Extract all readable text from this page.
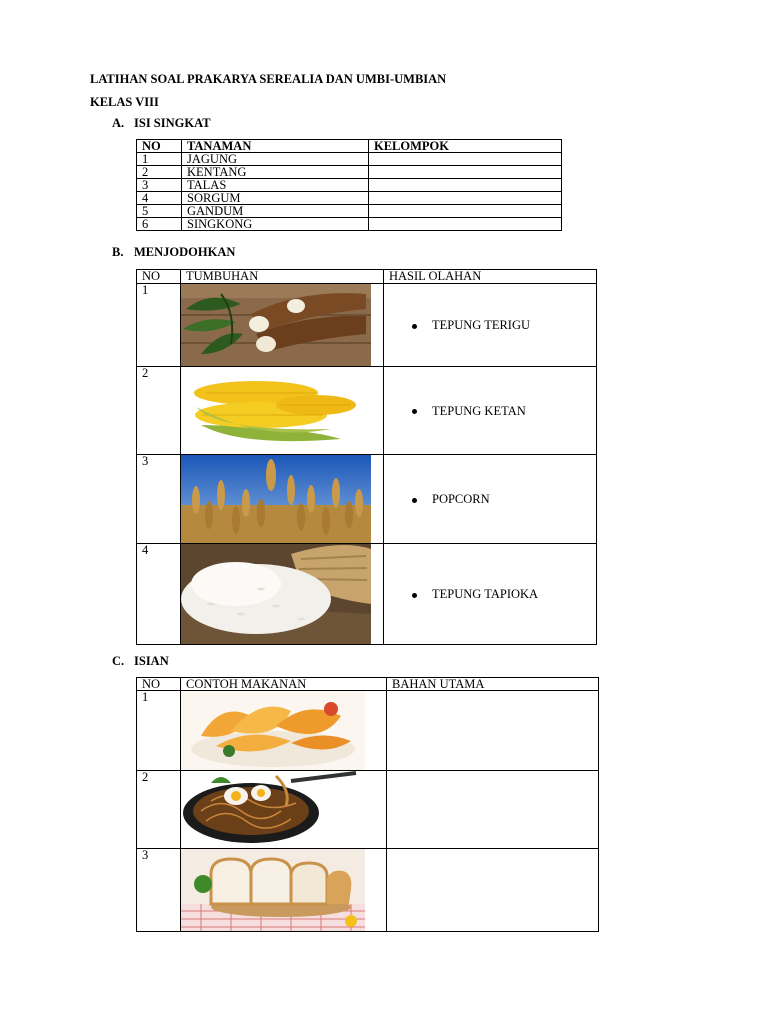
LATIHAN SOAL PRAKARYA SEREALIA DAN UMBI-UMBIAN
KELAS VIII
A. ISI SINGKAT
NO	TANAMAN	KELOMPOK
1	JAGUNG	
2	KENTANG	
3	TALAS	
4	SORGUM	
5	GANDUM	
6	SINGKONG	
B. MENJODOHKAN
NO	TUMBUHAN	HASIL OLAHAN
1		TEPUNG TERIGU
2		TEPUNG KETAN
3		POPCORN
4		TEPUNG TAPIOKA
C. ISIAN
NO	CONTOH MAKANAN	BAHAN UTAMA
1	

2	

3	
